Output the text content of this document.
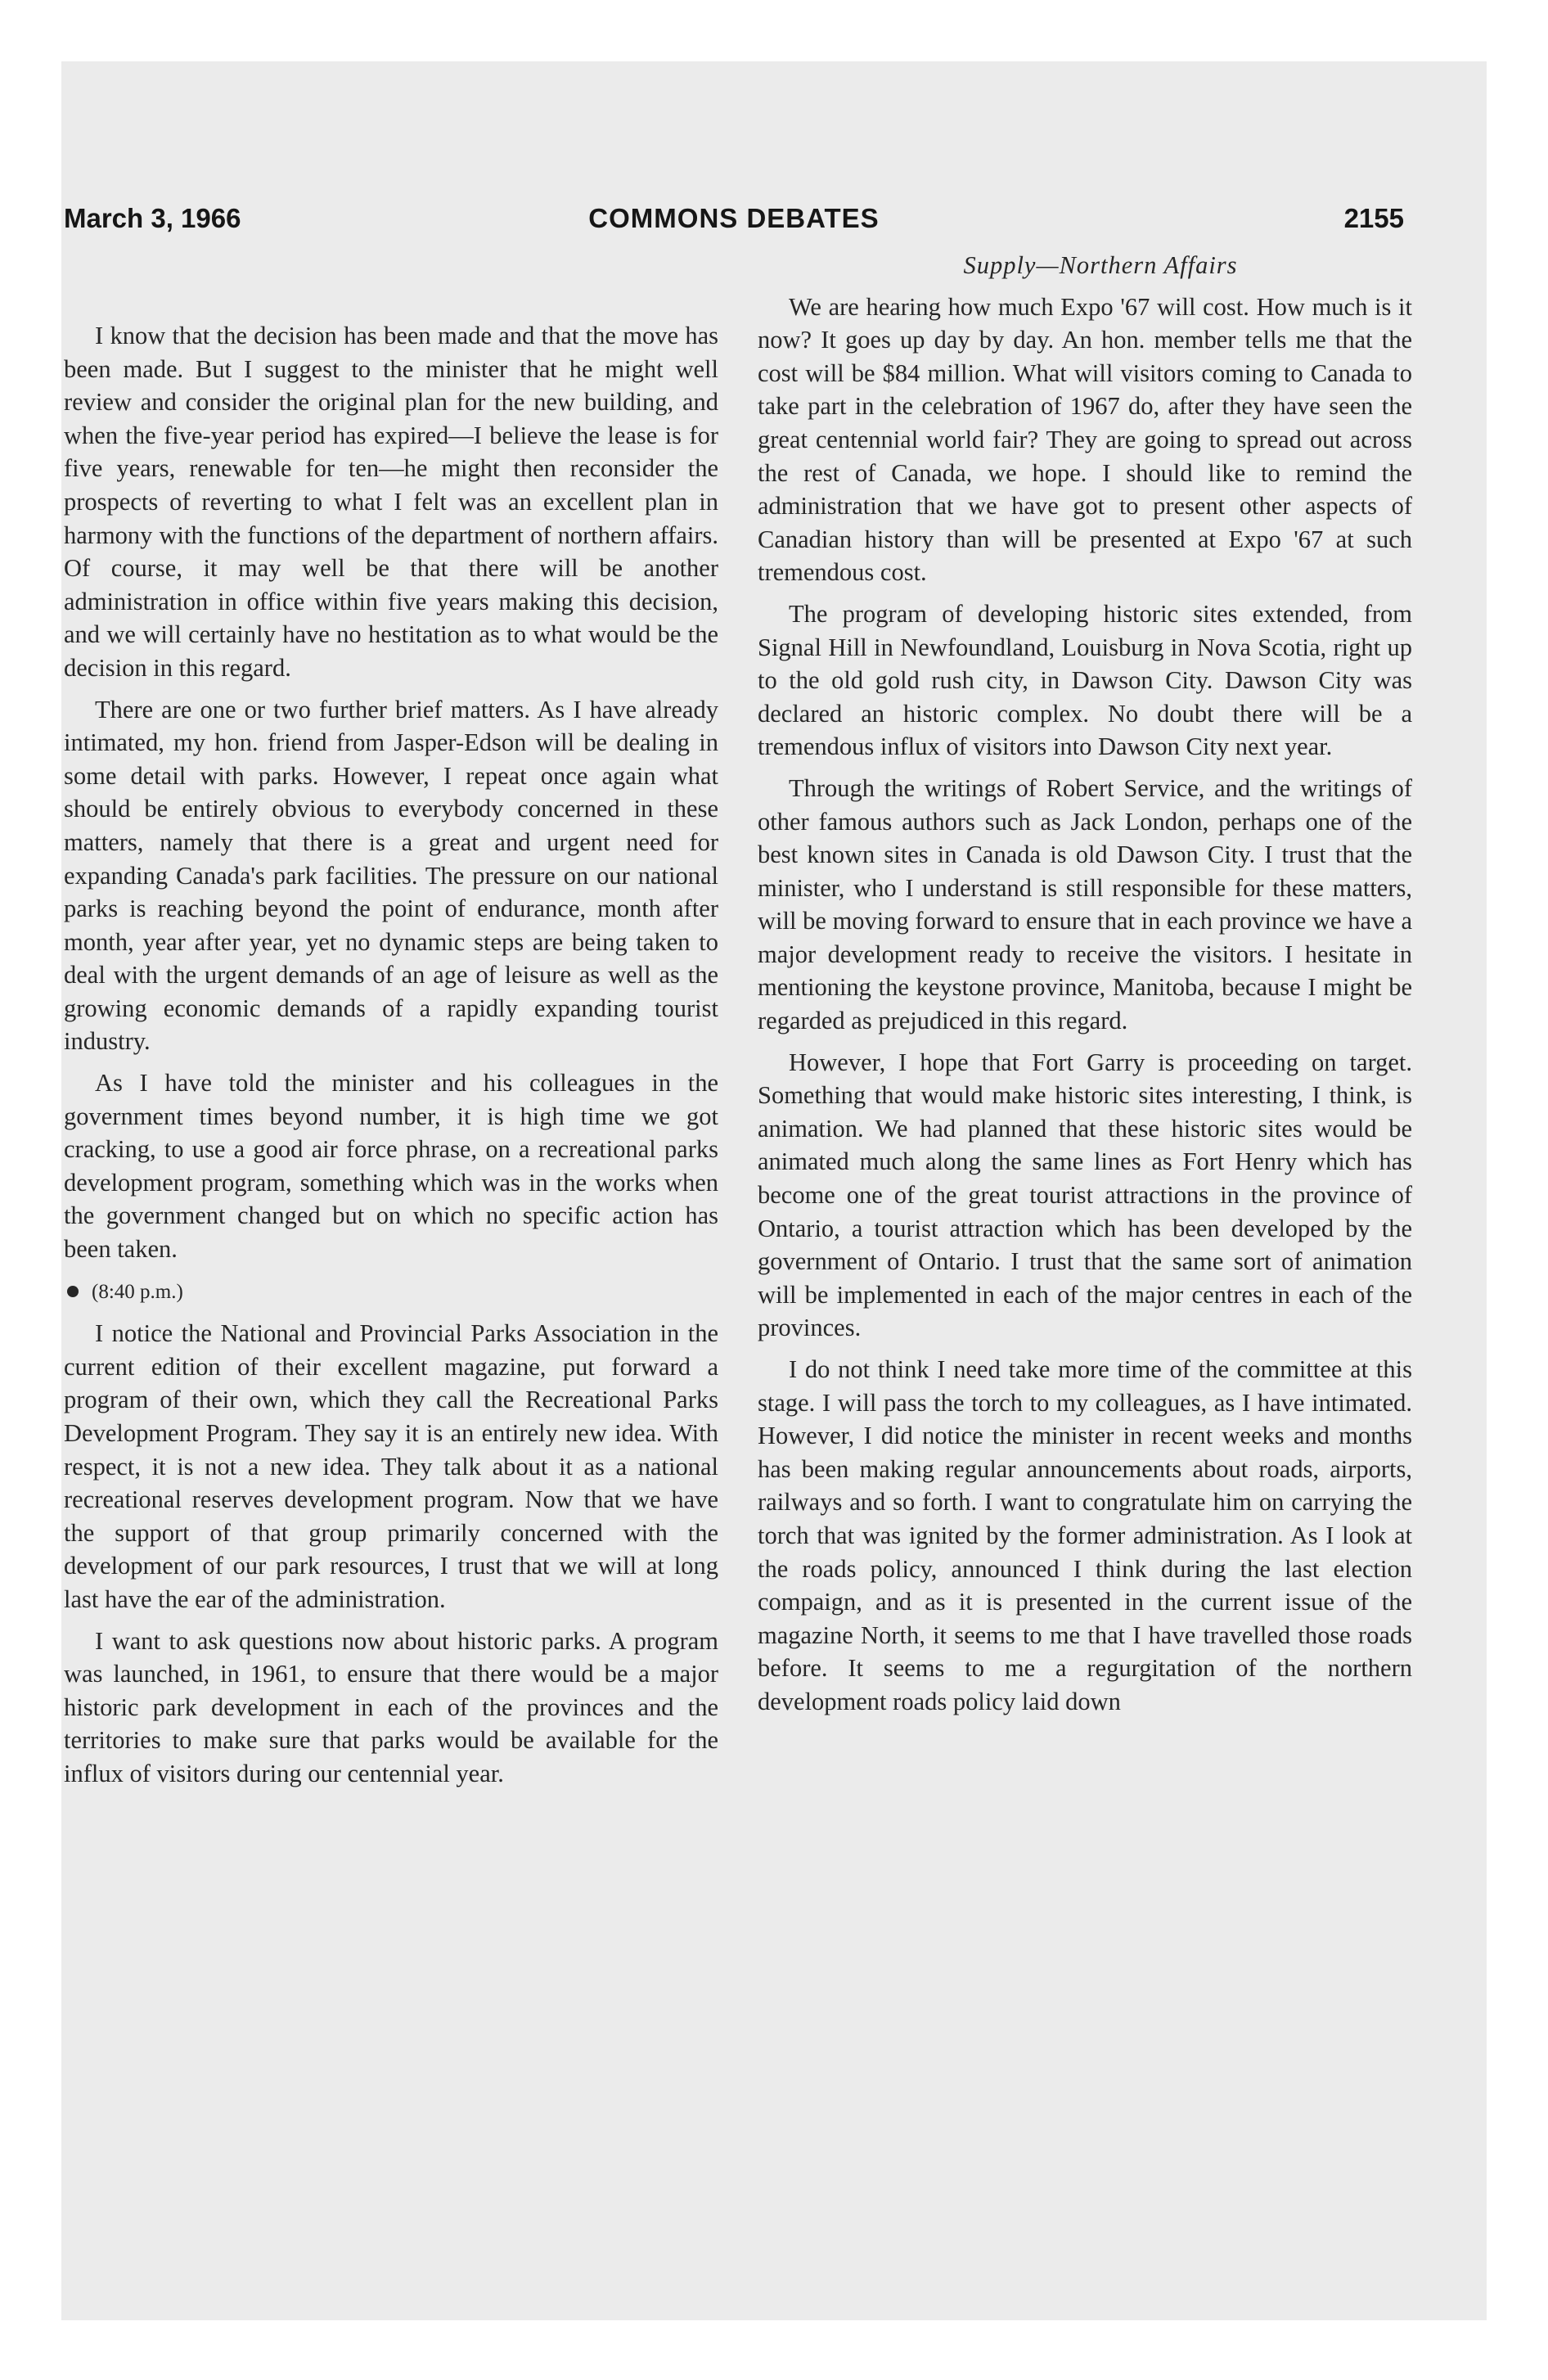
March 3, 1966	COMMONS DEBATES	2155

I know that the decision has been made and that the move has been made. But I suggest to the minister that he might well review and consider the original plan for the new building, and when the five-year period has expired—I believe the lease is for five years, renewable for ten—he might then reconsider the prospects of reverting to what I felt was an excellent plan in harmony with the functions of the department of northern affairs. Of course, it may well be that there will be another administration in office within five years making this decision, and we will certainly have no hestitation as to what would be the decision in this regard.

There are one or two further brief matters. As I have already intimated, my hon. friend from Jasper-Edson will be dealing in some detail with parks. However, I repeat once again what should be entirely obvious to everybody concerned in these matters, namely that there is a great and urgent need for expanding Canada's park facilities. The pressure on our national parks is reaching beyond the point of endurance, month after month, year after year, yet no dynamic steps are being taken to deal with the urgent demands of an age of leisure as well as the growing economic demands of a rapidly expanding tourist industry.

As I have told the minister and his colleagues in the government times beyond number, it is high time we got cracking, to use a good air force phrase, on a recreational parks development program, something which was in the works when the government changed but on which no specific action has been taken.

(8:40 p.m.)

I notice the National and Provincial Parks Association in the current edition of their excellent magazine, put forward a program of their own, which they call the Recreational Parks Development Program. They say it is an entirely new idea. With respect, it is not a new idea. They talk about it as a national recreational reserves development program. Now that we have the support of that group primarily concerned with the development of our park resources, I trust that we will at long last have the ear of the administration.

I want to ask questions now about historic parks. A program was launched, in 1961, to ensure that there would be a major historic park development in each of the provinces and the territories to make sure that parks would be available for the influx of visitors during our centennial year.

Supply—Northern Affairs

We are hearing how much Expo '67 will cost. How much is it now? It goes up day by day. An hon. member tells me that the cost will be $84 million. What will visitors coming to Canada to take part in the celebration of 1967 do, after they have seen the great centennial world fair? They are going to spread out across the rest of Canada, we hope. I should like to remind the administration that we have got to present other aspects of Canadian history than will be presented at Expo '67 at such tremendous cost.

The program of developing historic sites extended, from Signal Hill in Newfoundland, Louisburg in Nova Scotia, right up to the old gold rush city, in Dawson City. Dawson City was declared an historic complex. No doubt there will be a tremendous influx of visitors into Dawson City next year.

Through the writings of Robert Service, and the writings of other famous authors such as Jack London, perhaps one of the best known sites in Canada is old Dawson City. I trust that the minister, who I understand is still responsible for these matters, will be moving forward to ensure that in each province we have a major development ready to receive the visitors. I hesitate in mentioning the keystone province, Manitoba, because I might be regarded as prejudiced in this regard.

However, I hope that Fort Garry is proceeding on target. Something that would make historic sites interesting, I think, is animation. We had planned that these historic sites would be animated much along the same lines as Fort Henry which has become one of the great tourist attractions in the province of Ontario, a tourist attraction which has been developed by the government of Ontario. I trust that the same sort of animation will be implemented in each of the major centres in each of the provinces.

I do not think I need take more time of the committee at this stage. I will pass the torch to my colleagues, as I have intimated. However, I did notice the minister in recent weeks and months has been making regular announcements about roads, airports, railways and so forth. I want to congratulate him on carrying the torch that was ignited by the former administration. As I look at the roads policy, announced I think during the last election compaign, and as it is presented in the current issue of the magazine North, it seems to me that I have travelled those roads before. It seems to me a regurgitation of the northern development roads policy laid down
